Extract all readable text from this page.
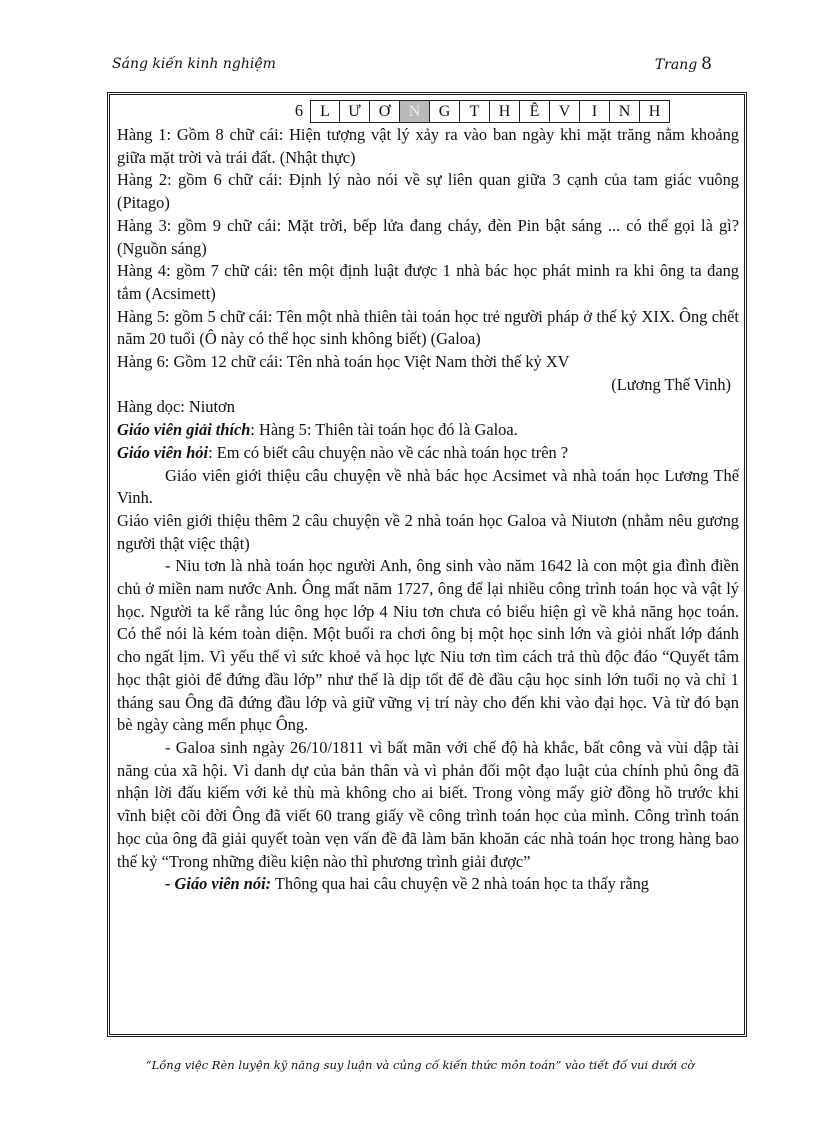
Sáng kiến kinh nghiệm	Trang 8
6	L	Ư	Ơ	N	G	T	H	Ê	V	I	N	H

Hàng 1: Gồm 8 chữ cái: Hiện tượng vật lý xảy ra vào ban ngày khi mặt trăng nằm khoảng giữa mặt trời và trái đất. (Nhật thực)

Hàng 2: gồm 6 chữ cái: Định lý nào nói về sự liên quan giữa 3 cạnh của tam giác vuông (Pitago)

Hàng 3: gồm 9 chữ cái: Mặt trời, bếp lửa đang cháy, đèn Pin bật sáng ... có thể gọi là gì? (Nguồn sáng)

Hàng 4: gồm 7 chữ cái: tên một định luật được 1 nhà bác học phát minh ra khi ông ta đang tắm (Acsimett)

Hàng 5: gồm 5 chữ cái: Tên một nhà thiên tài toán học trẻ người pháp ở thế kỷ XIX. Ông chết năm 20 tuổi (Ô này có thể học sinh không biết) (Galoa)

Hàng 6: Gồm 12 chữ cái: Tên nhà toán học Việt Nam thời thế kỷ XV

(Lương Thế Vinh)

Hàng dọc: Niutơn

Giáo viên giải thích: Hàng 5: Thiên tài toán học đó là Galoa.

Giáo viên hỏi: Em có biết câu chuyện nào về các nhà toán học trên ?

Giáo viên giới thiệu câu chuyện về nhà bác học Acsimet và nhà toán học Lương Thế Vinh.

Giáo viên giới thiệu thêm 2 câu chuyện về 2 nhà toán học Galoa và Niutơn (nhằm nêu gương người thật việc thật)

- Niu tơn là nhà toán học người Anh, ông sinh vào năm 1642 là con một gia đình điền chủ ở miền nam nước Anh. Ông mất năm 1727, ông để lại nhiều công trình toán học và vật lý học. Người ta kể rằng lúc ông học lớp 4 Niu tơn chưa có biểu hiện gì về khả năng học toán. Có thể nói là kém toàn diện. Một buổi ra chơi ông bị một học sinh lớn và giỏi nhất lớp đánh cho ngất lịm. Vì yếu thế vì sức khoẻ và học lực Niu tơn tìm cách trả thù độc đáo “Quyết tâm học thật giỏi để đứng đầu lớp” như thế là dịp tốt để đè đầu cậu học sinh lớn tuổi nọ và chỉ 1 tháng sau Ông đã đứng đầu lớp và giữ vững vị trí này cho đến khi vào đại học. Và từ đó bạn bè ngày càng mến phục Ông.

- Galoa sinh ngày 26/10/1811 vì bất mãn với chế độ hà khắc, bất công và vùi dập tài năng của xã hội. Vì danh dự của bản thân và vì phản đối một đạo luật của chính phủ ông đã nhận lời đấu kiếm với kẻ thù mà không cho ai biết. Trong vòng mấy giờ đồng hồ trước khi vĩnh biệt cõi đời Ông đã viết 60 trang giấy về công trình toán học của mình. Công trình toán học của ông đã giải quyết toàn vẹn vấn đề đã làm băn khoăn các nhà toán học trong hàng bao thế kỷ “Trong những điều kiện nào thì phương trình giải được”

- Giáo viên nói: Thông qua hai câu chuyện về 2 nhà toán học ta thấy rằng

“Lồng việc Rèn luyện kỹ năng suy luận và củng cố kiến thức môn toán” vào tiết đố vui dưới cờ
